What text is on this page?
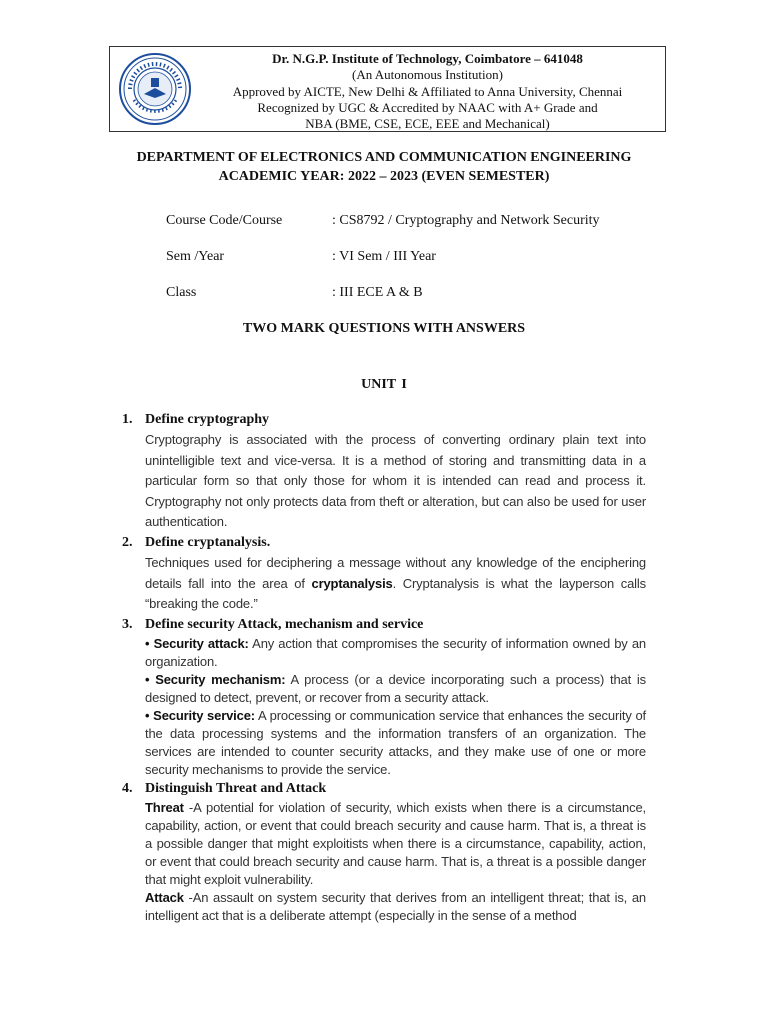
Dr. N.G.P. Institute of Technology, Coimbatore – 641048
(An Autonomous Institution)
Approved by AICTE, New Delhi & Affiliated to Anna University, Chennai
Recognized by UGC & Accredited by NAAC with A+ Grade and
NBA (BME, CSE, ECE, EEE and Mechanical)
DEPARTMENT OF ELECTRONICS AND COMMUNICATION ENGINEERING
ACADEMIC YEAR: 2022 – 2023 (EVEN SEMESTER)
Course Code/Course	: CS8792 / Cryptography and Network Security
Sem /Year	: VI Sem / III Year
Class	: III ECE A & B
TWO MARK QUESTIONS WITH ANSWERS
UNIT I
1. Define cryptography

Cryptography is associated with the process of converting ordinary plain text into unintelligible text and vice-versa. It is a method of storing and transmitting data in a particular form so that only those for whom it is intended can read and process it. Cryptography not only protects data from theft or alteration, but can also be used for user authentication.

2. Define cryptanalysis.

Techniques used for deciphering a message without any knowledge of the enciphering details fall into the area of cryptanalysis. Cryptanalysis is what the layperson calls “breaking the code.”

3. Define security Attack, mechanism and service

• Security attack: Any action that compromises the security of information owned by an organization.

• Security mechanism: A process (or a device incorporating such a process) that is designed to detect, prevent, or recover from a security attack.

• Security service: A processing or communication service that enhances the security of the data processing systems and the information transfers of an organization. The services are intended to counter security attacks, and they make use of one or more security mechanisms to provide the service.

4. Distinguish Threat and Attack

Threat -A potential for violation of security, which exists when there is a circumstance, capability, action, or event that could breach security and cause harm. That is, a threat is a possible danger that might exploitists when there is a circumstance, capability, action, or event that could breach security and cause harm. That is, a threat is a possible danger that might exploit vulnerability.

Attack -An assault on system security that derives from an intelligent threat; that is, an intelligent act that is a deliberate attempt (especially in the sense of a method
